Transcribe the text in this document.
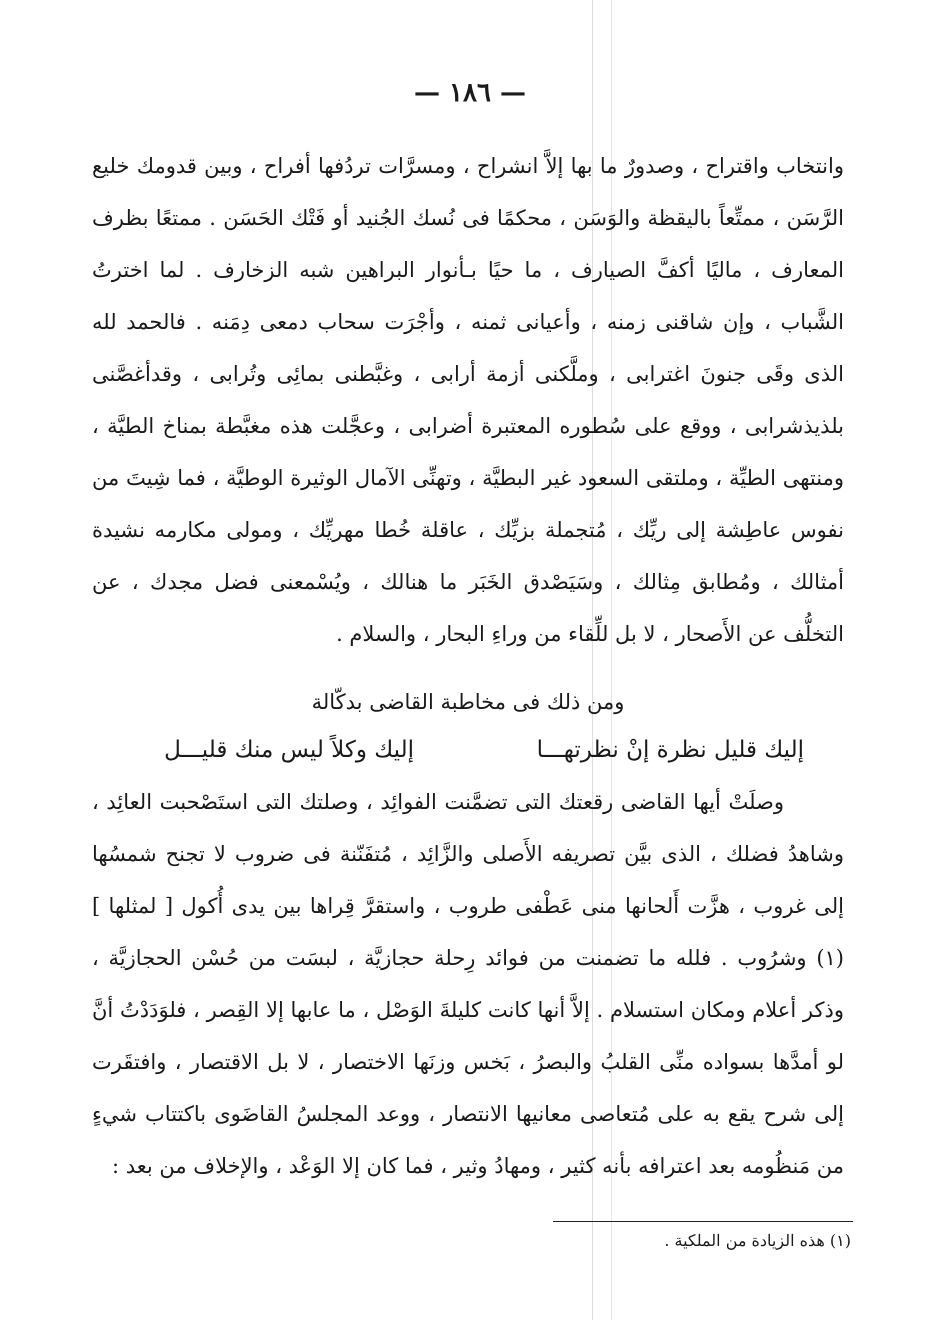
— ١٨٦ —
وانتخاب واقتراح ، وصدورٌ ما بها إلاَّ انشراح ، ومسرَّات تردُفها أفراح ، وبين قدومك خليع الرَّسَن ، ممتِّعاً باليقظة والوَسَن ، محكمًا فى نُسك الجُنيد أو فَتْك الحَسَن . ممتعًا بظرف المعارف ، ماليًا أكفَّ الصيارف ، ما حيًا بـأنوار البراهين شبه الزخارف . لما اخترتُ الشَّباب ، وإن شاقنى زمنه ، وأعيانى ثمنه ، وأجْرَت سحاب دمعى دِمَنه . فالحمد لله الذى وقَى جنونَ اغترابى ، وملَّكنى أزمة أرابى ، وغبَّطنى بمائِى وتُرابى ، وقدأغصَّنى بلذيذشرابى ، ووقع على سُطوره المعتبرة أضرابى ، وعجَّلت هذه مغبَّطة بمناخ الطيَّة ، ومنتهى الطيِّة ، وملتقى السعود غير البطيَّة ، وتهنِّى الآمال الوثيرة الوطيَّة ، فما شِيتَ من نفوس عاطِشة إلى ريِّك ، مُتجملة بزيِّك ، عاقلة خُطا مهريِّك ، ومولى مكارمه نشيدة أمثالك ، ومُطابق مِثالك ، وسَيَصْدق الخَبَر ما هنالك ، ويُسْمعنى فضل مجدك ، عن التخلُّف عن الأَصحار ، لا بل للِّقاء من وراءِ البحار ، والسلام .
ومن ذلك فى مخاطبة القاضى بدكّالة
إليك قليل نظرة إنْ نظرتهـــا
إليك وكلاً ليس منك قليـــل
وصلَتْ أيها القاضى رقعتك التى تضمَّنت الفوائِد ، وصلتك التى استَصْحبت العائِد ، وشاهدُ فضلك ، الذى بيَّن تصريفه الأَصلى والزَّائِد ، مُتفَنّنة فى ضروب لا تجنح شمسُها إلى غروب ، هزَّت أَلحانها منى عَطْفى طروب ، واستقرَّ قِراها بين يدى أُكول [ لمثلها ] (١) وشرُوب . فلله ما تضمنت من فوائد رِحلة حجازيَّة ، لبسَت من حُسْن الحجازيَّة ، وذكر أعلام ومكان استسلام . إلاَّ أنها كانت كليلةَ الوَصْل ، ما عابها إلا القِصر ، فلوَدَدْتُ أنَّ لو أمدَّها بسواده منِّى القلبُ والبصرُ ، بَخس وزنَها الاختصار ، لا بل الاقتصار ، وافتقَرت إلى شرح يقع به على مُتعاصى معانيها الانتصار ، ووعد المجلسُ القاضَوى باكتتاب شيءٍ من مَنظُومه بعد اعترافه بأنه كثير ، ومهادُ وثير ، فما كان إلا الوَعْد ، والإخلاف من بعد :
(١) هذه الزيادة من الملكية .
